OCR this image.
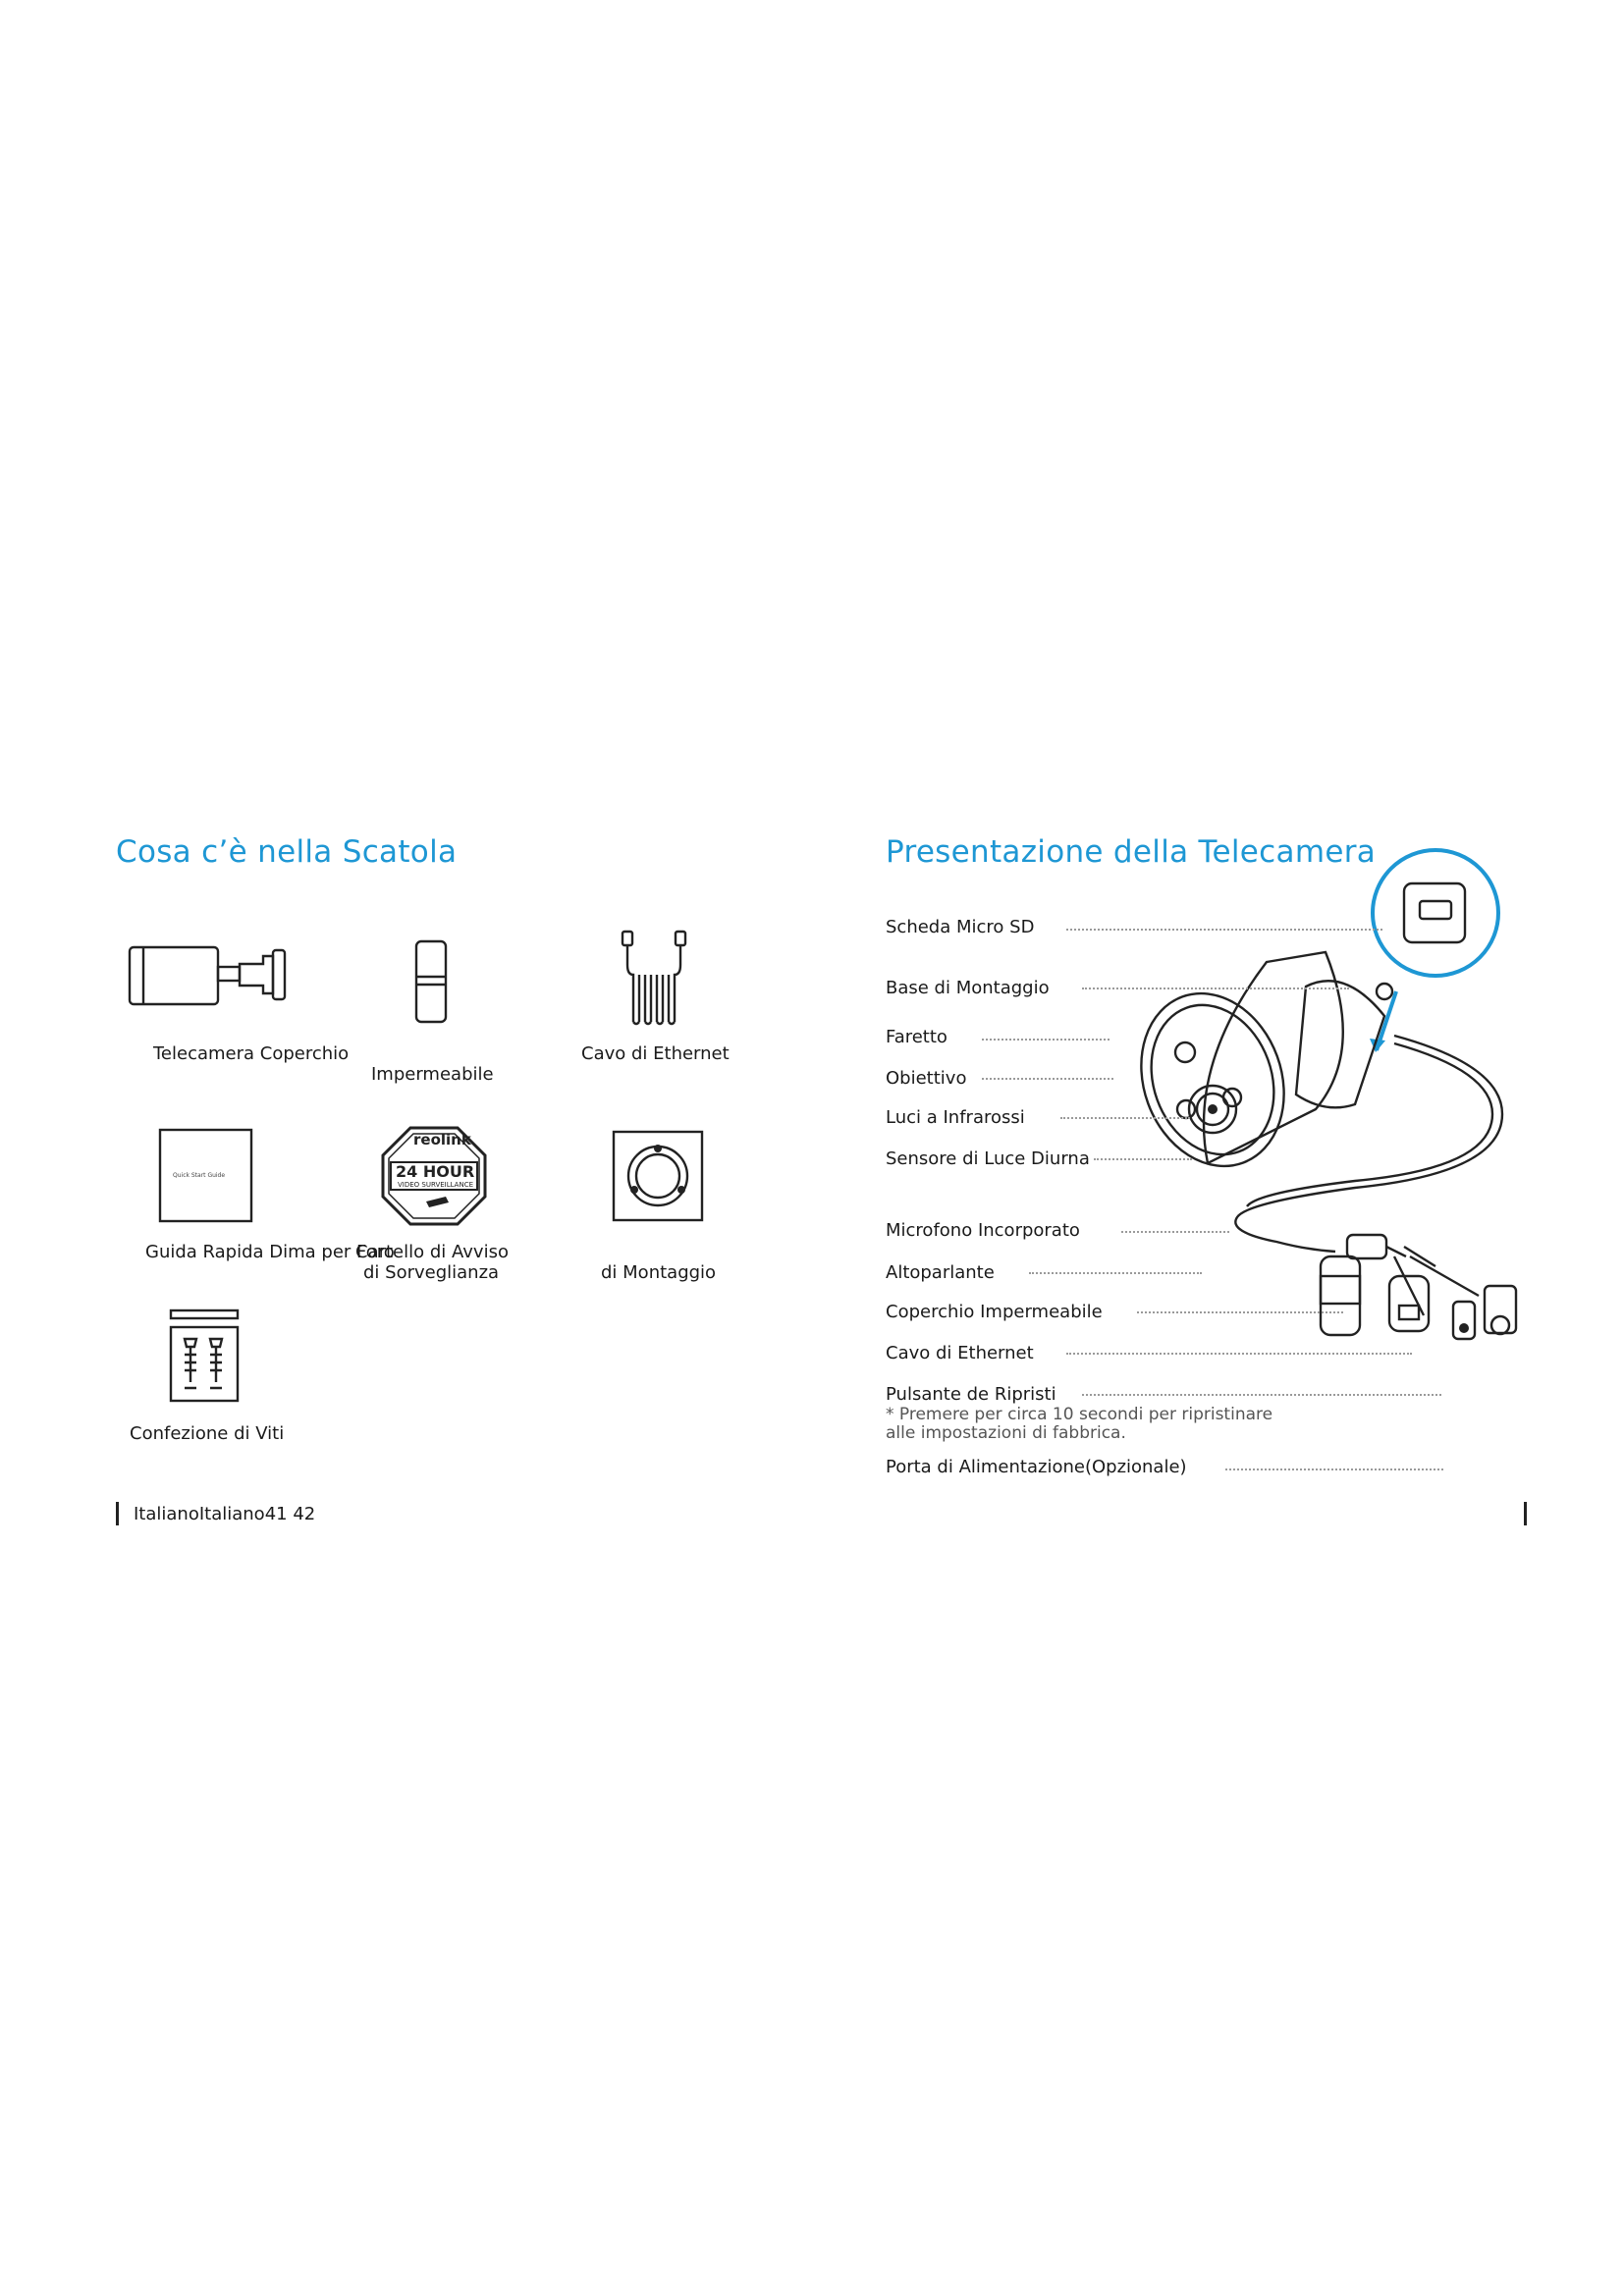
Cosa c’è nella Scatola
Telecamera Coperchio
Impermeabile
Cavo di Ethernet
Quick Start Guide
Guida Rapida Dima per Foro
reolink
24 HOUR
VIDEO SURVEILLANCE
Cartello di Avviso
di Sorveglianza	di Montaggio
Confezione di Viti
ItalianoItaliano41 42
Presentazione della Telecamera
Scheda Micro SD
Base di Montaggio
Faretto
Obiettivo
Luci a Infrarossi
Sensore di Luce Diurna
Microfono Incorporato
Altoparlante
Coperchio Impermeabile
Cavo di Ethernet
Pulsante de Ripristi
* Premere per circa 10 secondi per ripristinare
alle impostazioni di fabbrica.
Porta di Alimentazione(Opzionale)
